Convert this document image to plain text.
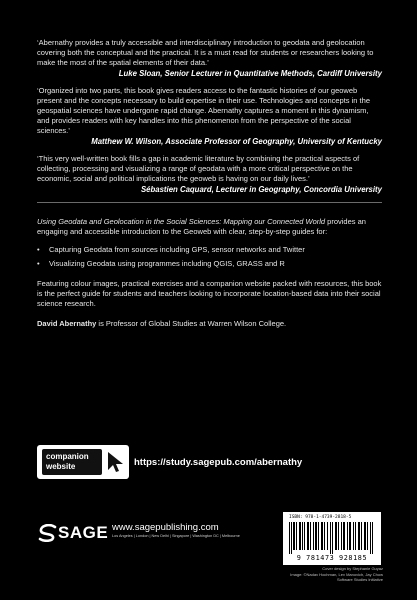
‘Abernathy provides a truly accessible and interdisciplinary introduction to geodata and geolocation covering both the conceptual and the practical. It is a must read for students or researchers looking to make the most of the spatial elements of their data.’

Luke Sloan, Senior Lecturer in Quantitative Methods, Cardiff University

‘Organized into two parts, this book gives readers access to the fantastic histories of our geoweb present and the concepts necessary to build expertise in their use. Technologies and concepts in the geospatial sciences have undergone rapid change. Abernathy captures a moment in this dynamism, and provides readers with key handles into this phenomenon from the perspective of the social sciences.’

Matthew W. Wilson, Associate Professor of Geography, University of Kentucky

‘This very well-written book fills a gap in academic literature by combining the practical aspects of collecting, processing and visualizing a range of geodata with a more critical perspective on the economic, social and political implications the geoweb is having on our daily lives.’

Sébastien Caquard, Lecturer in Geography, Concordia University

Using Geodata and Geolocation in the Social Sciences: Mapping our Connected World provides an engaging and accessible introduction to the Geoweb with clear, step-by-step guides for:

• Capturing Geodata from sources including GPS, sensor networks and Twitter
• Visualizing Geodata using programmes including QGIS, GRASS and R

Featuring colour images, practical exercises and a companion website packed with resources, this book is the perfect guide for students and teachers looking to incorporate location-based data into their social science research.

David Abernathy is Professor of Global Studies at Warren Wilson College.

companion
website	https://study.sagepub.com/abernathy
SAGE www.sagepublishing.com
Los Angeles | London | New Delhi | Singapore | Washington DC | Melbourne
ISBN: 978-1-4739-2818-5
9 781473 928185
Cover design by Stephanie Guyaz
Image: ©Nadav Hochman, Lev Manovich, Jay Chow
Software Studies Initiative
